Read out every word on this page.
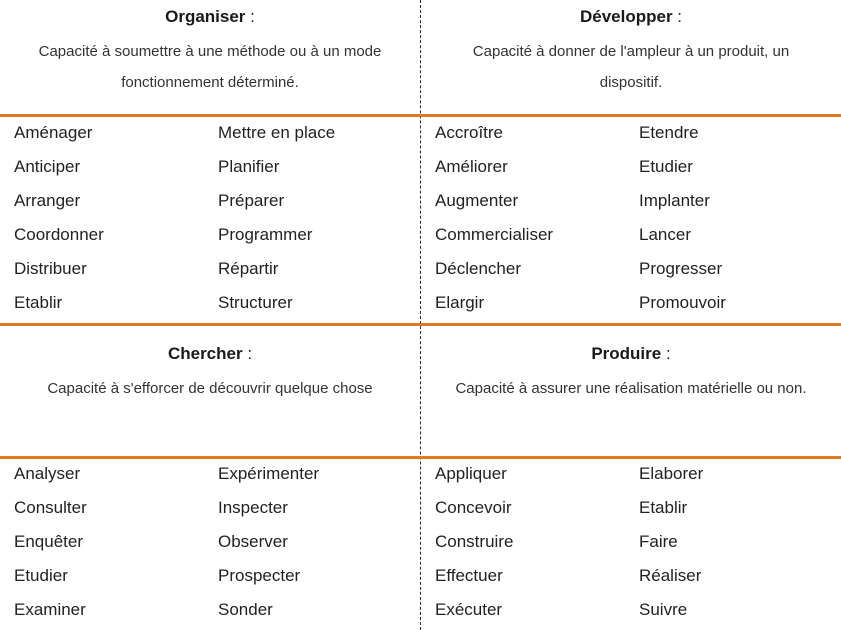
Organiser :
Capacité à soumettre à une méthode ou à un mode fonctionnement déterminé.
Aménager	Mettre en place
Anticiper	Planifier
Arranger	Préparer
Coordonner	Programmer
Distribuer	Répartir
Etablir	Structurer
Développer :
Capacité à donner de l'ampleur à un produit, un dispositif.
Accroître	Etendre
Améliorer	Etudier
Augmenter	Implanter
Commercialiser	Lancer
Déclencher	Progresser
Elargir	Promouvoir
Chercher :
Capacité à s'efforcer de découvrir quelque chose
Analyser	Expérimenter
Consulter	Inspecter
Enquêter	Observer
Etudier	Prospecter
Examiner	Sonder
Produire :
Capacité à assurer une réalisation matérielle ou non.
Appliquer	Elaborer
Concevoir	Etablir
Construire	Faire
Effectuer	Réaliser
Exécuter	Suivre
